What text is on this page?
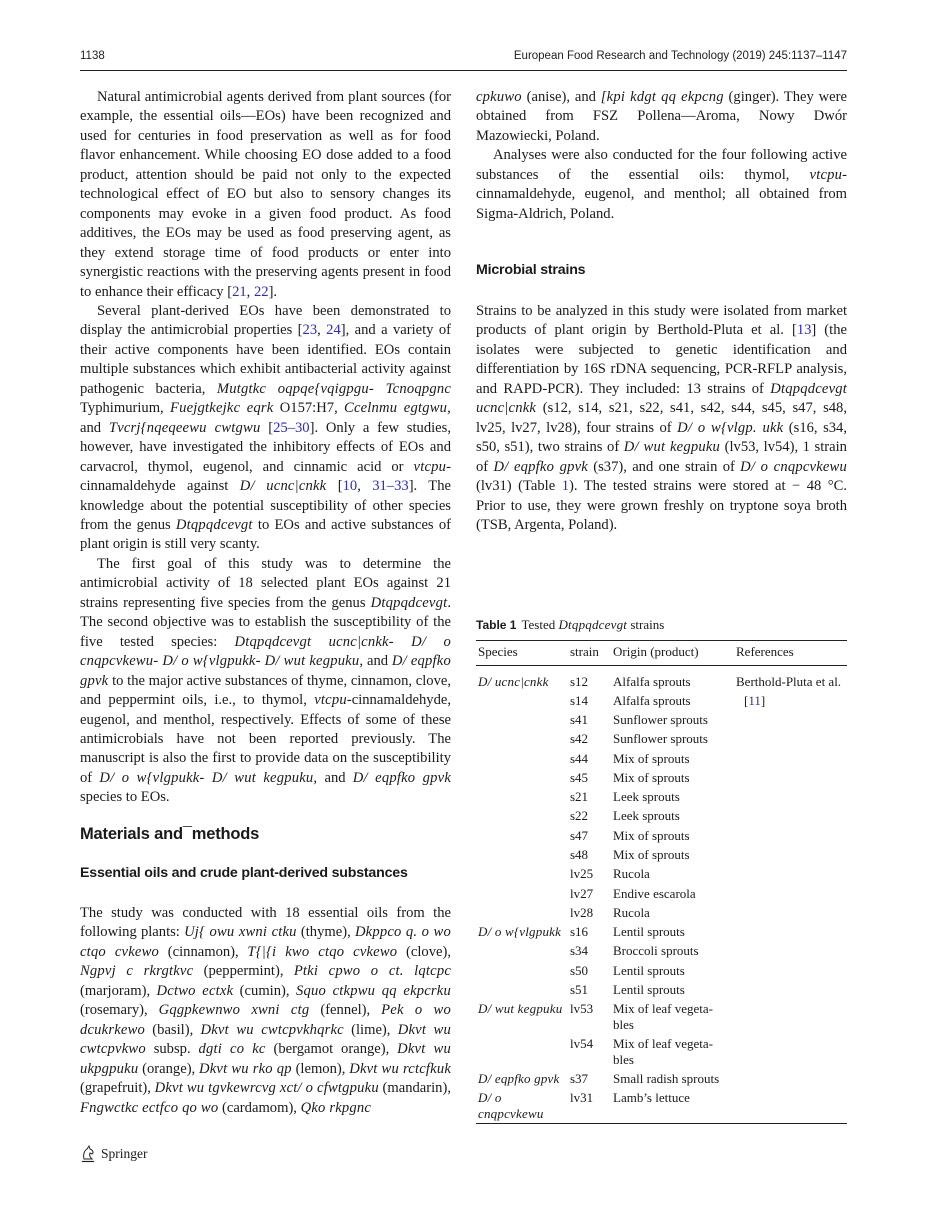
1138	European Food Research and Technology (2019) 245:1137–1147

Natural antimicrobial agents derived from plant sources (for example, the essential oils—EOs) have been recognized and used for centuries in food preservation as well as for food flavor enhancement. While choosing EO dose added to a food product, attention should be paid not only to the expected technological effect of EO but also to sensory changes its components may evoke in a given food product. As food additives, the EOs may be used as food preserving agent, as they extend storage time of food products or enter into synergistic reactions with the preserving agents present in food to enhance their efficacy [21, 22].

Several plant-derived EOs have been demonstrated to display the antimicrobial properties [23, 24], and a variety of their active components have been identified. EOs contain multiple substances which exhibit antibacterial activity against pathogenic bacteria, Mutgtkc oqpqe{vqigpgu- Tcnoqpgnc Typhimurium, Fuejgtkejkc eqrk O157:H7, Ccelnmu egtgwu, and Tvcrj{nqeqeewu cwtgwu [25–30]. Only a few studies, however, have investigated the inhibitory effects of EOs and carvacrol, thymol, eugenol, and cinnamic acid or vtcpu-cinnamaldehyde against D/ ucnc|cnkk [10, 31–33]. The knowledge about the potential susceptibility of other species from the genus Dtqpqdcevgt to EOs and active substances of plant origin is still very scanty.

The first goal of this study was to determine the antimicrobial activity of 18 selected plant EOs against 21 strains representing five species from the genus Dtqpqdcevgt. The second objective was to establish the susceptibility of the five tested species: Dtqpqdcevgt ucnc|cnkk- D/ o cnqpcvkewu- D/ o w{vlgpukk- D/ wut kegpuku, and D/ eqpfko gpvk to the major active substances of thyme, cinnamon, clove, and peppermint oils, i.e., to thymol, vtcpu-cinnamaldehyde, eugenol, and menthol, respectively. Effects of some of these antimicrobials have not been reported previously. The manuscript is also the first to provide data on the susceptibility of D/ o w{vlgpukk- D/ wut kegpuku, and D/ eqpfko gpvk species to EOs.

Materials and¯methods
Essential oils and crude plant-derived substances

The study was conducted with 18 essential oils from the following plants: Uj{ owu xwni ctku (thyme), Dkppco q. o wo ctqo cvkewo (cinnamon), T{|{i kwo ctqo cvkewo (clove), Ngpvj c rkrgtkvc (peppermint), Ptki cpwo o ct. lqtcpc (marjoram), Dctwo ectxk (cumin), Squo ctkpwu qq ekpcrku (rosemary), Gqgpkewnwo xwni ctg (fennel), Pek o wo dcukrkewo (basil), Dkvt wu cwtcpvkhqrkc (lime), Dkvt wu cwtcpvkwo subsp. dgti co kc (bergamot orange), Dkvt wu ukpgpuku (orange), Dkvt wu rko qp (lemon), Dkvt wu rctcfkuk (grapefruit), Dkvt wu tgvkewrcvg xct/ o cfwtgpuku (mandarin), Fngwctkc ectfco qo wo (cardamom), Qko rkpgnc

cpkuwo (anise), and [kpi kdgt qq ekpcng (ginger). They were obtained from FSZ Pollena—Aroma, Nowy Dwór Mazowiecki, Poland.

Analyses were also conducted for the four following active substances of the essential oils: thymol, vtcpu-cinnamaldehyde, eugenol, and menthol; all obtained from Sigma-Aldrich, Poland.

Microbial strains

Strains to be analyzed in this study were isolated from market products of plant origin by Berthold-Pluta et al. [13] (the isolates were subjected to genetic identification and differentiation by 16S rDNA sequencing, PCR-RFLP analysis, and RAPD-PCR). They included: 13 strains of Dtqpqdcevgt ucnc|cnkk (s12, s14, s21, s22, s41, s42, s44, s45, s47, s48, lv25, lv27, lv28), four strains of D/ o w{vlgp. ukk (s16, s34, s50, s51), two strains of D/ wut kegpuku (lv53, lv54), 1 strain of D/ eqpfko gpvk (s37), and one strain of D/ o cnqpcvkewu (lv31) (Table 1). The tested strains were stored at − 48 °C. Prior to use, they were grown freshly on tryptone soya broth (TSB, Argenta, Poland).

Table 1 Tested Dtqpqdcevgt strains
Species	strain	Origin (product)	References
D/ ucnc|cnkk	s12	Alfalfa sprouts	Berthold-Pluta et al.
	s14	Alfalfa sprouts	[11]
	s41	Sunflower sprouts	
	s42	Sunflower sprouts	
	s44	Mix of sprouts	
	s45	Mix of sprouts	
	s21	Leek sprouts	
	s22	Leek sprouts	
	s47	Mix of sprouts	
	s48	Mix of sprouts	
	lv25	Rucola	
	lv27	Endive escarola	
	lv28	Rucola	
D/ o w{vlgpukk	s16	Lentil sprouts	
	s34	Broccoli sprouts	
	s50	Lentil sprouts	
	s51	Lentil sprouts	
D/ wut kegpuku	lv53	Mix of leaf vegeta-bles	
	lv54	Mix of leaf vegeta-bles	
D/ eqpfko gpvk	s37	Small radish sprouts	
D/ o cnqpcvkewu	lv31	Lamb’s lettuce	
Springer
